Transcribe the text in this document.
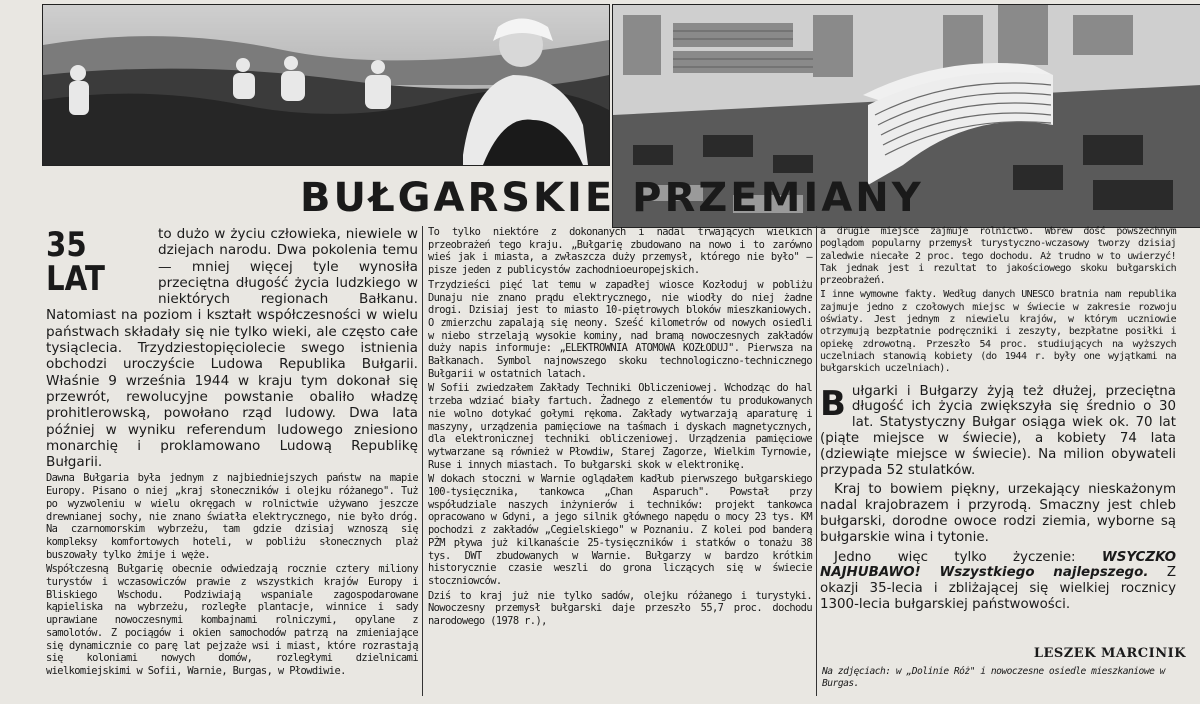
BUŁGARSKIE PRZEMIANY

35 LAT
to dużo w życiu człowieka, niewiele w dziejach narodu. Dwa pokolenia temu — mniej więcej tyle wynosiła przeciętna długość życia ludzkiego w niektórych regionach Bałkanu. Natomiast na poziom i kształt współczesności w wielu państwach składały się nie tylko wieki, ale często całe tysiąclecia. Trzydziestopięciolecie swego istnienia obchodzi uroczyście Ludowa Republika Bułgarii. Właśnie 9 września 1944 w kraju tym dokonał się przewrót, rewolucyjne powstanie obaliło władzę prohitlerowską, powołano rząd ludowy. Dwa lata później w wyniku referendum ludowego zniesiono monarchię i proklamowano Ludową Republikę Bułgarii.

Dawna Bułgaria była jednym z najbiedniejszych państw na mapie Europy. Pisano o niej „kraj słoneczników i olejku różanego". Tuż po wyzwoleniu w wielu okręgach w rolnictwie używano jeszcze drewnianej sochy, nie znano światła elektrycznego, nie było dróg. Na czarnomorskim wybrzeżu, tam gdzie dzisiaj wznoszą się kompleksy komfortowych hoteli, w pobliżu słonecznych plaż buszowały tylko żmije i węże.

Współczesną Bułgarię obecnie odwiedzają rocznie cztery miliony turystów i wczasowiczów prawie z wszystkich krajów Europy i Bliskiego Wschodu. Podziwiają wspaniale zagospodarowane kąpieliska na wybrzeżu, rozległe plantacje, winnice i sady uprawiane nowoczesnymi kombajnami rolniczymi, opylane z samolotów. Z pociągów i okien samochodów patrzą na zmieniające się dynamicznie co parę lat pejzaże wsi i miast, które rozrastają się koloniami nowych domów, rozległymi dzielnicami wielkomiejskimi w Sofii, Warnie, Burgas, w Płowdiwie.

To tylko niektóre z dokonanych i nadal trwających wielkich przeobrażeń tego kraju. „Bułgarię zbudowano na nowo i to zarówno wieś jak i miasta, a zwłaszcza duży przemysł, którego nie było" — pisze jeden z publicystów zachodnioeuropejskich.

Trzydzieści pięć lat temu w zapadłej wiosce Kozłoduj w pobliżu Dunaju nie znano prądu elektrycznego, nie wiodły do niej żadne drogi. Dzisiaj jest to miasto 10-piętrowych bloków mieszkaniowych. O zmierzchu zapalają się neony. Sześć kilometrów od nowych osiedli w niebo strzelają wysokie kominy, nad bramą nowoczesnych zakładów duży napis informuje: „ELEKTROWNIA ATOMOWA KOZŁODUJ". Pierwsza na Bałkanach. Symbol najnowszego skoku technologiczno-technicznego Bułgarii w ostatnich latach.

W Sofii zwiedzałem Zakłady Techniki Obliczeniowej. Wchodząc do hal trzeba wdziać biały fartuch. Żadnego z elementów tu produkowanych nie wolno dotykać gołymi rękoma. Zakłady wytwarzają aparaturę i maszyny, urządzenia pamięciowe na taśmach i dyskach magnetycznych, dla elektronicznej techniki obliczeniowej. Urządzenia pamięciowe wytwarzane są również w Płowdiw, Starej Zagorze, Wielkim Tyrnowie, Ruse i innych miastach. To bułgarski skok w elektronikę.

W dokach stoczni w Warnie oglądałem kadłub pierwszego bułgarskiego 100-tysięcznika, tankowca „Chan Asparuch". Powstał przy współudziale naszych inżynierów i techników: projekt tankowca opracowano w Gdyni, a jego silnik głównego napędu o mocy 23 tys. KM pochodzi z zakładów „Cegielskiego" w Poznaniu. Z kolei pod banderą PŻM pływa już kilkanaście 25-tysięczników i statków o tonażu 38 tys. DWT zbudowanych w Warnie. Bułgarzy w bardzo krótkim historycznie czasie weszli do grona liczących się w świecie stoczniowców.

Dziś to kraj już nie tylko sadów, olejku różanego i turystyki. Nowoczesny przemysł bułgarski daje przeszło 55,7 proc. dochodu narodowego (1978 r.),

a drugie miejsce zajmuje rolnictwo. Wbrew dość powszechnym poglądom popularny przemysł turystyczno-wczasowy tworzy dzisiaj zaledwie niecałe 2 proc. tego dochodu. Aż trudno w to uwierzyć! Tak jednak jest i rezultat to jakościowego skoku bułgarskich przeobrażeń.

I inne wymowne fakty. Według danych UNESCO bratnia nam republika zajmuje jedno z czołowych miejsc w świecie w zakresie rozwoju oświaty. Jest jednym z niewielu krajów, w którym uczniowie otrzymują bezpłatnie podręczniki i zeszyty, bezpłatne posiłki i opiekę zdrowotną. Przeszło 54 proc. studiujących na wyższych uczelniach stanowią kobiety (do 1944 r. były one wyjątkami na bułgarskich uczelniach).

B ułgarki i Bułgarzy żyją też dłużej, przeciętna długość ich życia zwiększyła się średnio o 30 lat. Statystyczny Bułgar osiąga wiek ok. 70 lat (piąte miejsce w świecie), a kobiety 74 lata (dziewiąte miejsce w świecie). Na milion obywateli przypada 52 stulatków.

Kraj to bowiem piękny, urzekający nieskażonym nadal krajobrazem i przyrodą. Smaczny jest chleb bułgarski, dorodne owoce rodzi ziemia, wyborne są bułgarskie wina i tytonie.

Jedno więc tylko życzenie: WSYCZKO NAJHUBAWO! Wszystkiego najlepszego. Z okazji 35-lecia i zbliżającej się wielkiej rocznicy 1300-lecia bułgarskiej państwowości.

LESZEK MARCINIK

Na zdjęciach: w „Dolinie Róż" i nowoczesne osiedle mieszkaniowe w Burgas.
